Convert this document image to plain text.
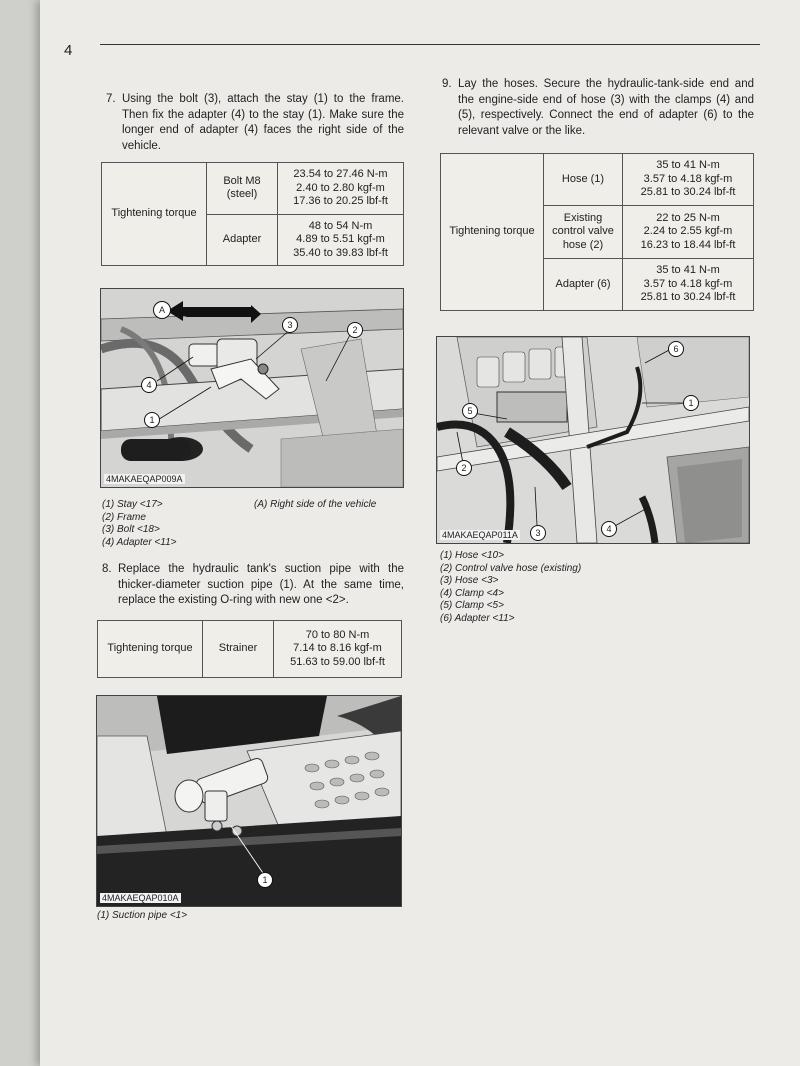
4
7. Using the bolt (3), attach the stay (1) to the frame. Then fix the adapter (4) to the stay (1). Make sure the longer end of adapter (4) faces the right side of the vehicle.
Tightening torque	Bolt M8
(steel)	23.54 to 27.46 N-m
2.40 to 2.80 kgf-m
17.36 to 20.25 lbf-ft
	Adapter	48 to 54 N-m
4.89 to 5.51 kgf-m
35.40 to 39.83 lbf-ft
A
1
2
3
4
4MAKAEQAP009A
(1) Stay <17>
(2) Frame
(3) Bolt <18>
(4) Adapter <11>
(A) Right side of the vehicle
8. Replace the hydraulic tank's suction pipe with the thicker-diameter suction pipe (1). At the same time, replace the existing O-ring with new one <2>.
Tightening torque	Strainer	70 to 80 N-m
7.14 to 8.16 kgf-m
51.63 to 59.00 lbf-ft
1
4MAKAEQAP010A
(1) Suction pipe <1>
9. Lay the hoses. Secure the hydraulic-tank-side end and the engine-side end of hose (3) with the clamps (4) and (5), respectively. Connect the end of adapter (6) to the relevant valve or the like.
Tightening torque	Hose (1)	35 to 41 N-m
3.57 to 4.18 kgf-m
25.81 to 30.24 lbf-ft
	Existing
control valve
hose (2)	22 to 25 N-m
2.24 to 2.55 kgf-m
16.23 to 18.44 lbf-ft
	Adapter (6)	35 to 41 N-m
3.57 to 4.18 kgf-m
25.81 to 30.24 lbf-ft
1
2
3	4
5
6
4MAKAEQAP011A
(1) Hose <10>
(2) Control valve hose (existing)
(3) Hose <3>
(4) Clamp <4>
(5) Clamp <5>
(6) Adapter <11>
